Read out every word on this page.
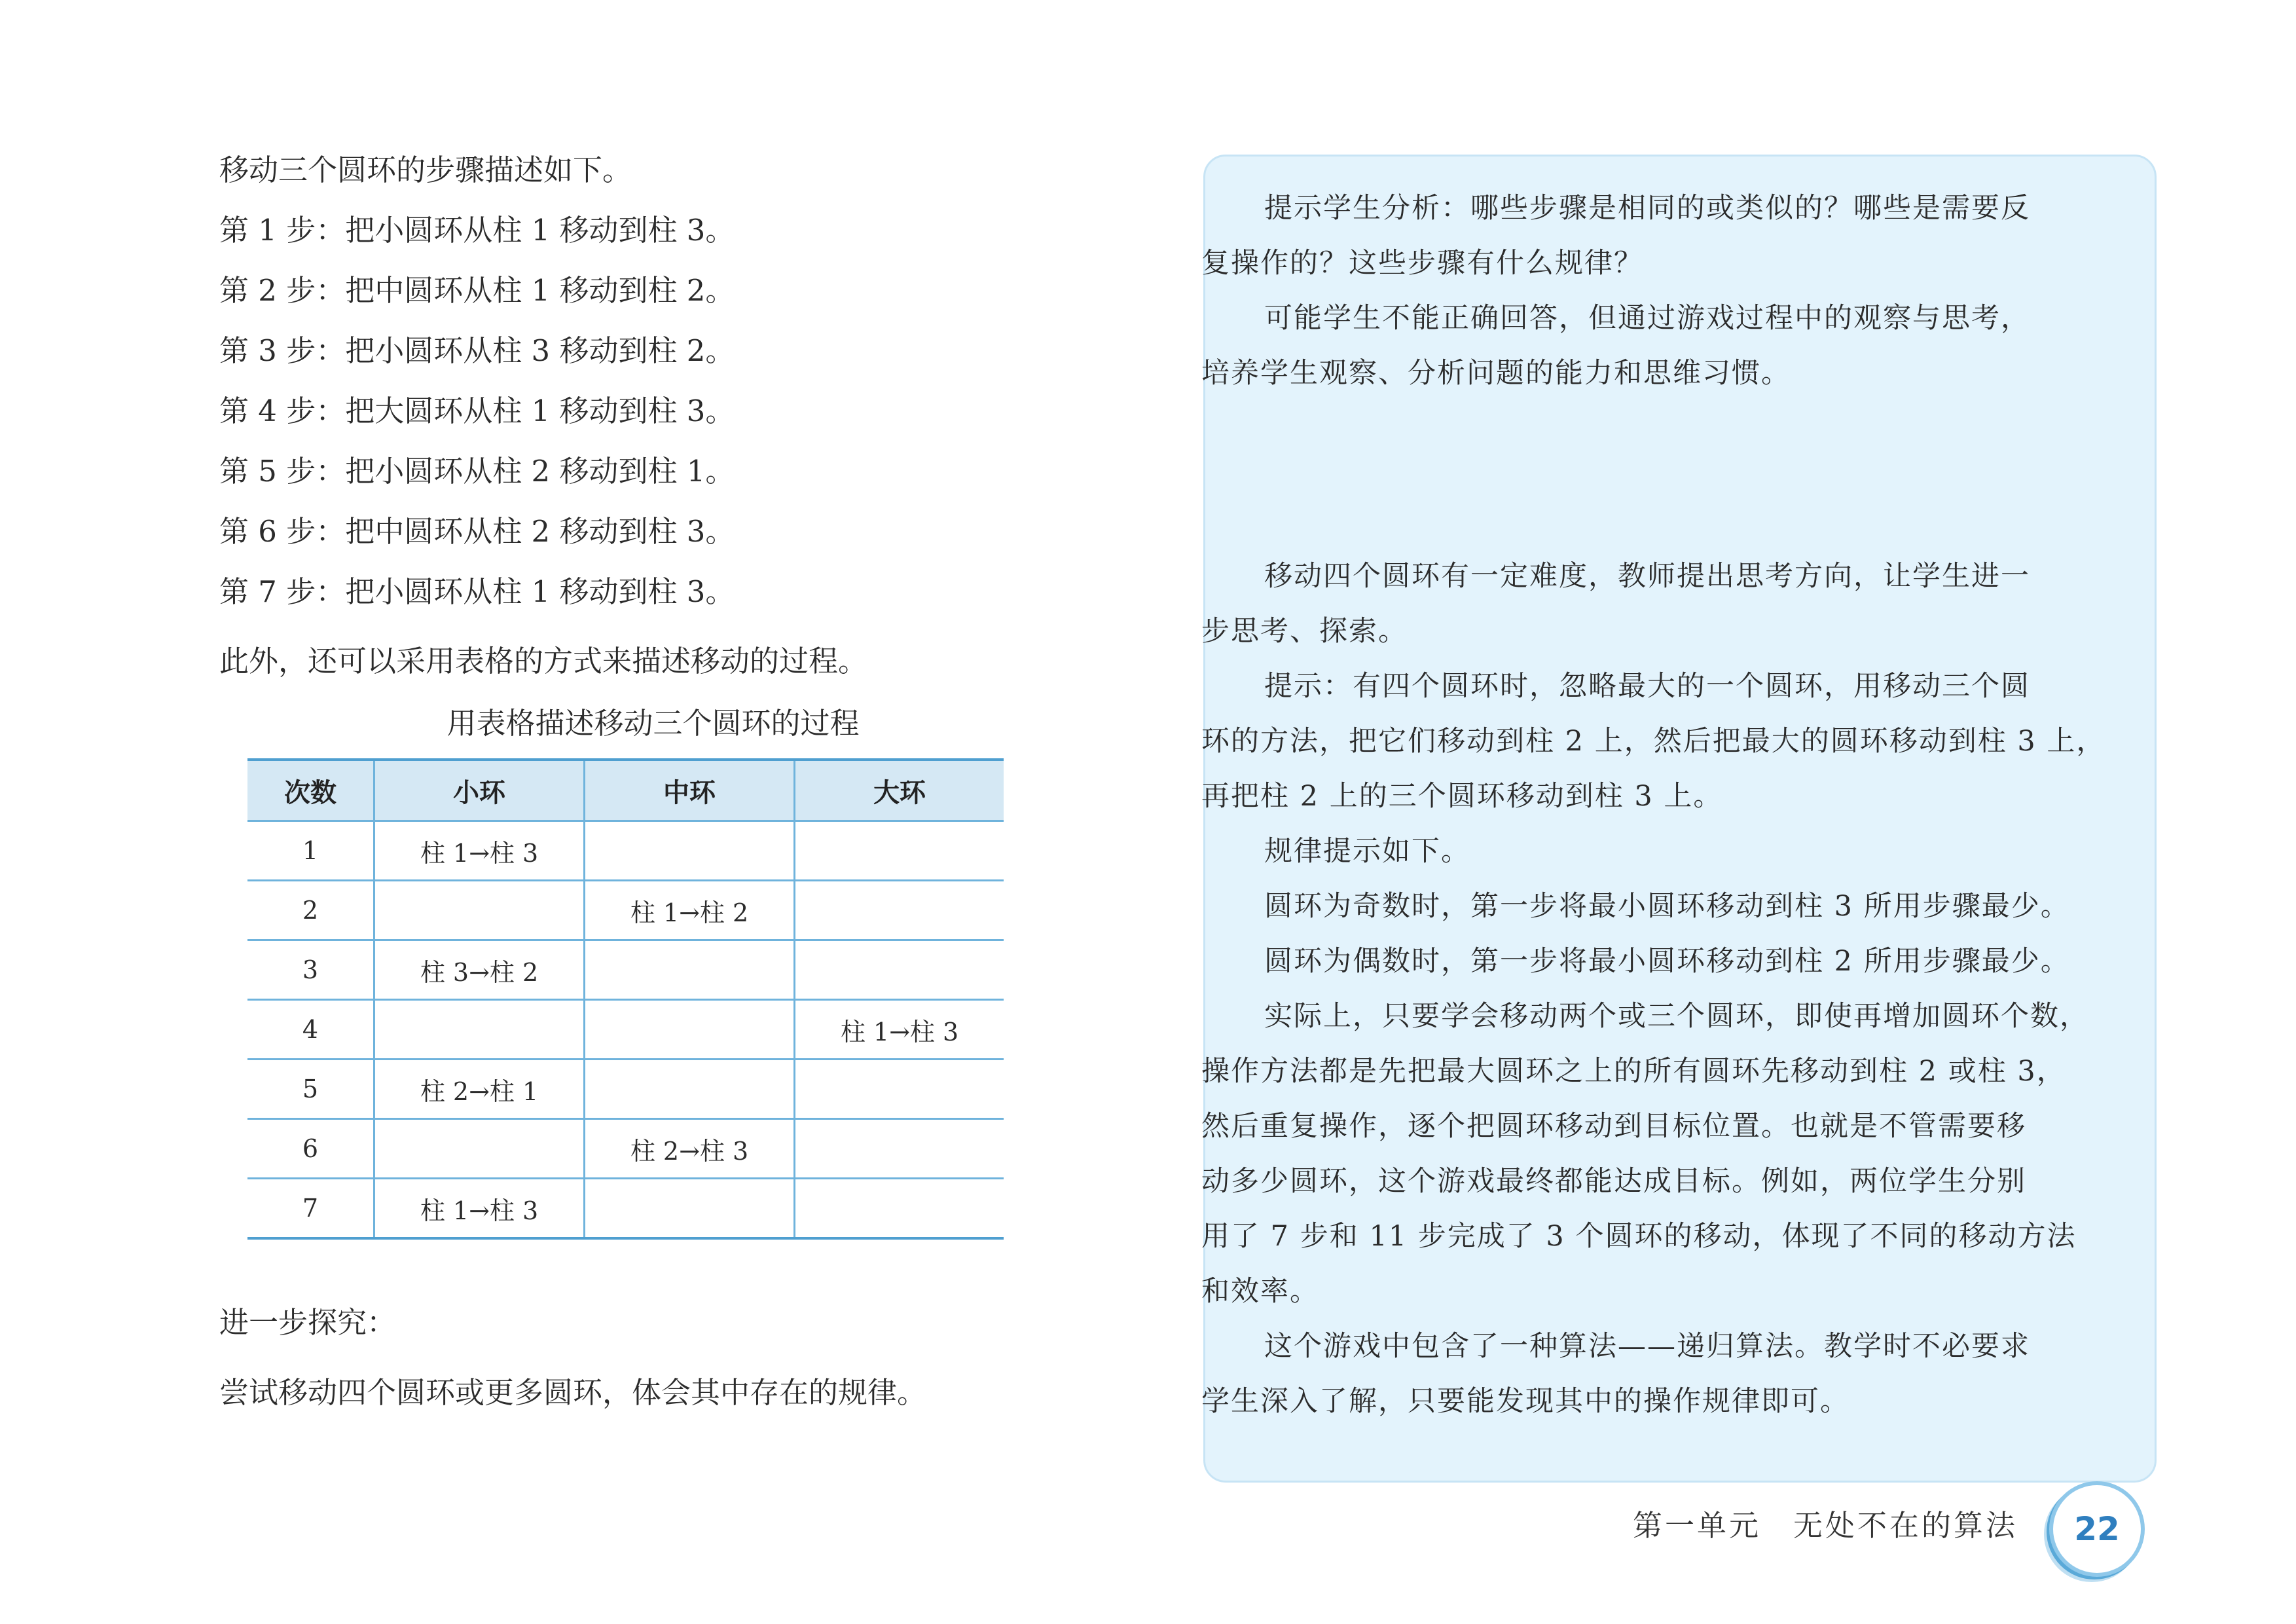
移动三个圆环的步骤描述如下。
第 1 步：把小圆环从柱 1 移动到柱 3。
第 2 步：把中圆环从柱 1 移动到柱 2。
第 3 步：把小圆环从柱 3 移动到柱 2。
第 4 步：把大圆环从柱 1 移动到柱 3。
第 5 步：把小圆环从柱 2 移动到柱 1。
第 6 步：把中圆环从柱 2 移动到柱 3。
第 7 步：把小圆环从柱 1 移动到柱 3。
此外，还可以采用表格的方式来描述移动的过程。
用表格描述移动三个圆环的过程
进一步探究：
尝试移动四个圆环或更多圆环，体会其中存在的规律。
次数	小环	中环	大环
1	柱 1→柱 3		
2		柱 1→柱 2	
3	柱 3→柱 2		
4			柱 1→柱 3
5	柱 2→柱 1		
6		柱 2→柱 3	
7	柱 1→柱 3		
提示学生分析：哪些步骤是相同的或类似的？哪些是需要反
复操作的？这些步骤有什么规律？
可能学生不能正确回答，但通过游戏过程中的观察与思考，
培养学生观察、分析问题的能力和思维习惯。
移动四个圆环有一定难度，教师提出思考方向，让学生进一
步思考、探索。
提示：有四个圆环时，忽略最大的一个圆环，用移动三个圆
环的方法，把它们移动到柱 2 上，然后把最大的圆环移动到柱 3 上，
再把柱 2 上的三个圆环移动到柱 3 上。
规律提示如下。
圆环为奇数时，第一步将最小圆环移动到柱 3 所用步骤最少。
圆环为偶数时，第一步将最小圆环移动到柱 2 所用步骤最少。
实际上，只要学会移动两个或三个圆环，即使再增加圆环个数，
操作方法都是先把最大圆环之上的所有圆环先移动到柱 2 或柱 3，
然后重复操作，逐个把圆环移动到目标位置。也就是不管需要移
动多少圆环，这个游戏最终都能达成目标。例如，两位学生分别
用了 7 步和 11 步完成了 3 个圆环的移动，体现了不同的移动方法
和效率。
这个游戏中包含了一种算法——递归算法。教学时不必要求
学生深入了解，只要能发现其中的操作规律即可。
第一单元　无处不在的算法	22
